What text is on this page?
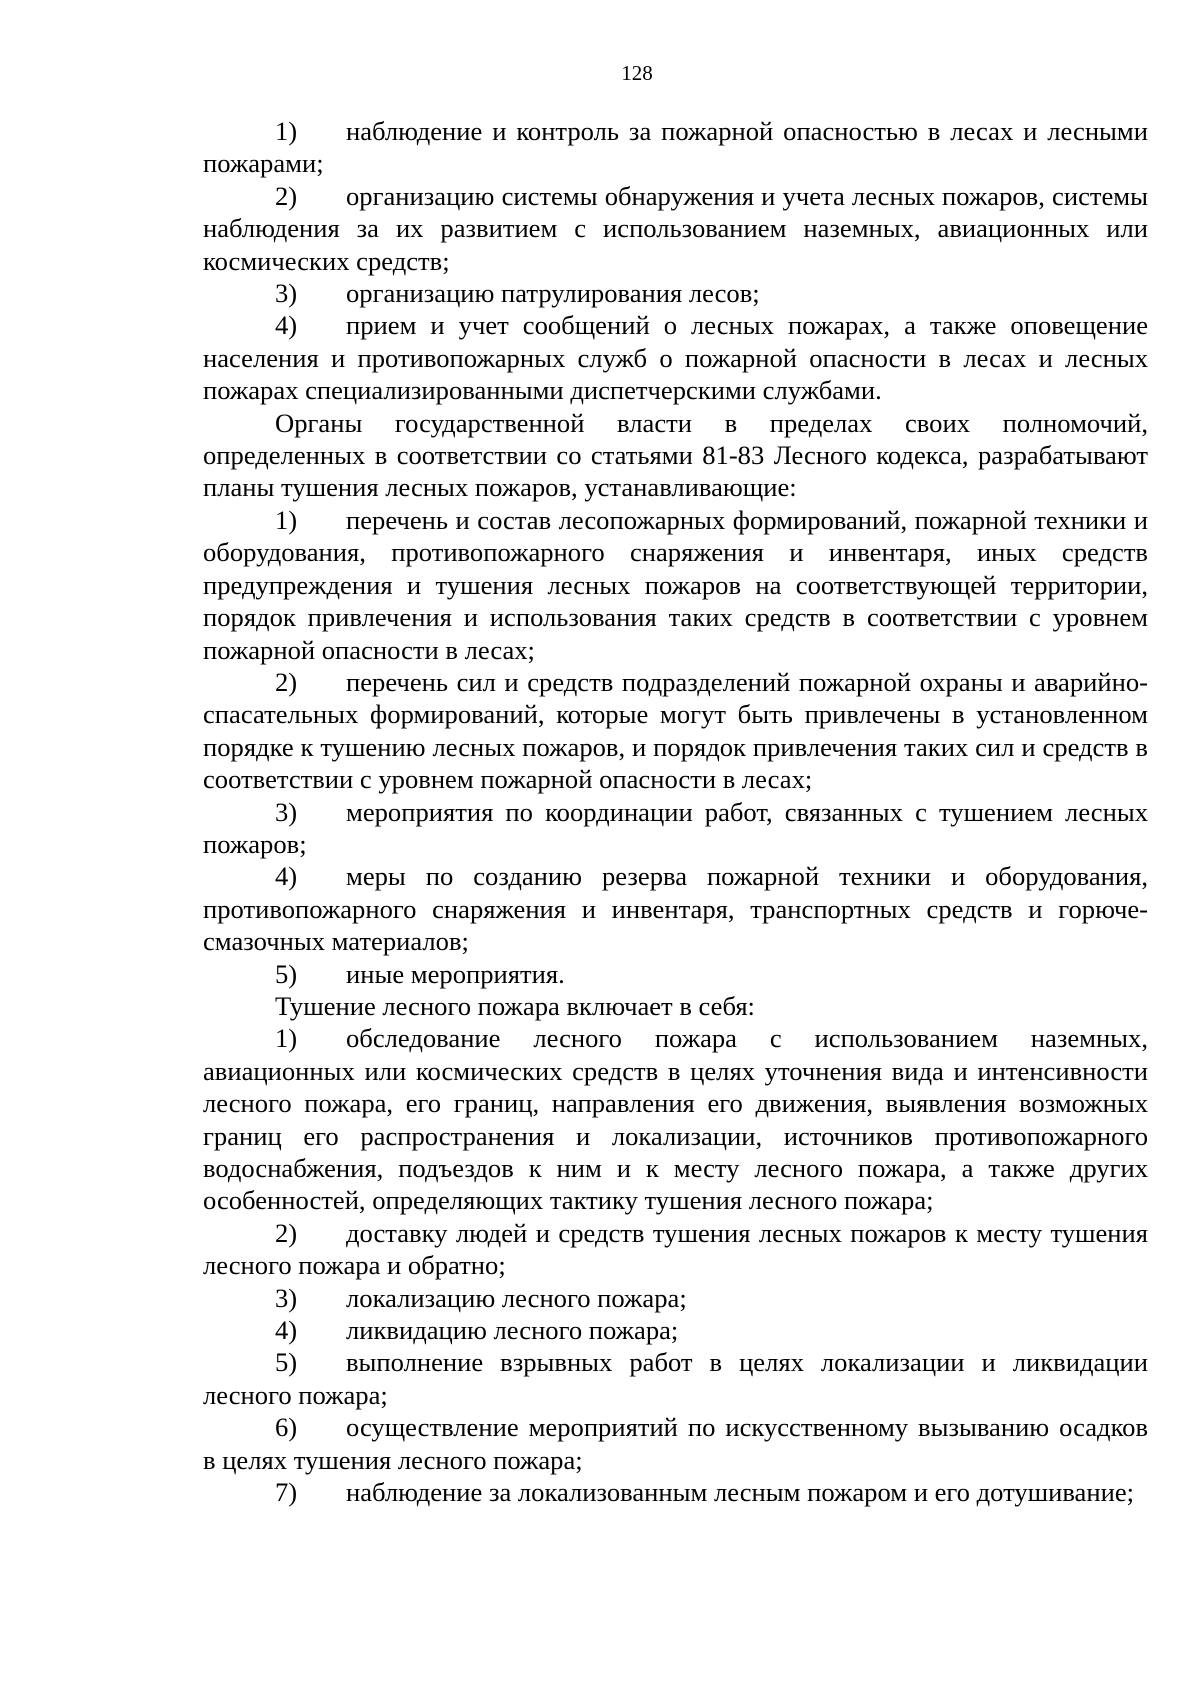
128

1) наблюдение и контроль за пожарной опасностью в лесах и лесными пожарами;

2) организацию системы обнаружения и учета лесных пожаров, системы наблюдения за их развитием с использованием наземных, авиационных или космических средств;

3) организацию патрулирования лесов;

4) прием и учет сообщений о лесных пожарах, а также оповещение населения и противопожарных служб о пожарной опасности в лесах и лесных пожарах специализированными диспетчерскими службами.

Органы государственной власти в пределах своих полномочий, определенных в соответствии со статьями 81-83 Лесного кодекса, разрабатывают планы тушения лесных пожаров, устанавливающие:

1) перечень и состав лесопожарных формирований, пожарной техники и оборудования, противопожарного снаряжения и инвентаря, иных средств предупреждения и тушения лесных пожаров на соответствующей территории, порядок привлечения и использования таких средств в соответствии с уровнем пожарной опасности в лесах;

2) перечень сил и средств подразделений пожарной охраны и аварийно-спасательных формирований, которые могут быть привлечены в установленном порядке к тушению лесных пожаров, и порядок привлечения таких сил и средств в соответствии с уровнем пожарной опасности в лесах;

3) мероприятия по координации работ, связанных с тушением лесных пожаров;

4) меры по созданию резерва пожарной техники и оборудования, противопожарного снаряжения и инвентаря, транспортных средств и горюче-смазочных материалов;

5) иные мероприятия.

Тушение лесного пожара включает в себя:

1) обследование лесного пожара с использованием наземных, авиационных или космических средств в целях уточнения вида и интенсивности лесного пожара, его границ, направления его движения, выявления возможных границ его распространения и локализации, источников противопожарного водоснабжения, подъездов к ним и к месту лесного пожара, а также других особенностей, определяющих тактику тушения лесного пожара;

2) доставку людей и средств тушения лесных пожаров к месту тушения лесного пожара и обратно;

3) локализацию лесного пожара;

4) ликвидацию лесного пожара;

5) выполнение взрывных работ в целях локализации и ликвидации лесного пожара;

6) осуществление мероприятий по искусственному вызыванию осадков в целях тушения лесного пожара;

7) наблюдение за локализованным лесным пожаром и его дотушивание;
